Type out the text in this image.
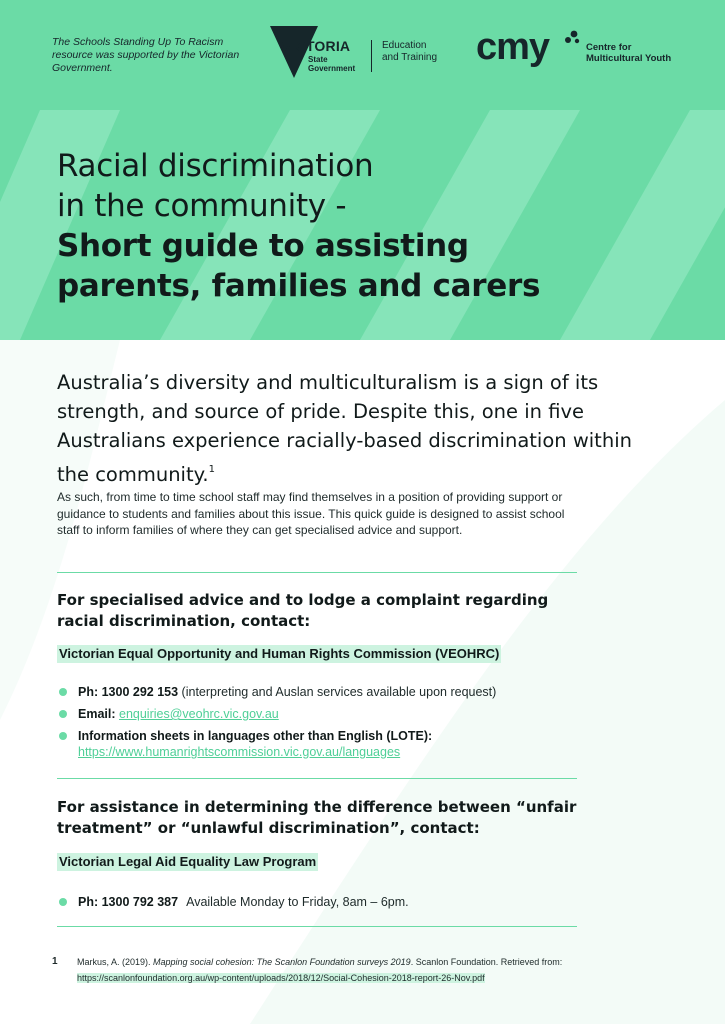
The Schools Standing Up To Racism resource was supported by the Victorian Government.

VICTORIA
State
Government
Education
and Training cmy	Centre for
Multicultural Youth
Racial discrimination
in the community -
Short guide to assisting
parents, families and carers

Australia’s diversity and multiculturalism is a sign of its strength, and source of pride. Despite this, one in five Australians experience racially-based discrimination within the community.$^1$

As such, from time to time school staff may find themselves in a position of providing support or guidance to students and families about this issue. This quick guide is designed to assist school staff to inform families of where they can get specialised advice and support.

For specialised advice and to lodge a complaint regarding racial discrimination, contact:

Victorian Equal Opportunity and Human Rights Commission (VEOHRC)

Ph: 1300 292 153 (interpreting and Auslan services available upon request)
Email: enquiries@veohrc.vic.gov.au
Information sheets in languages other than English (LOTE):
https://www.humanrightscommission.vic.gov.au/languages
For assistance in determining the difference between “unfair treatment” or “unlawful discrimination”, contact:

Victorian Legal Aid Equality Law Program

Ph: 1300 792 387 Available Monday to Friday, 8am – 6pm.
1 Markus, A. (2019). Mapping social cohesion: The Scanlon Foundation surveys 2019. Scanlon Foundation. Retrieved from:
https://scanlonfoundation.org.au/wp-content/uploads/2018/12/Social-Cohesion-2018-report-26-Nov.pdf
